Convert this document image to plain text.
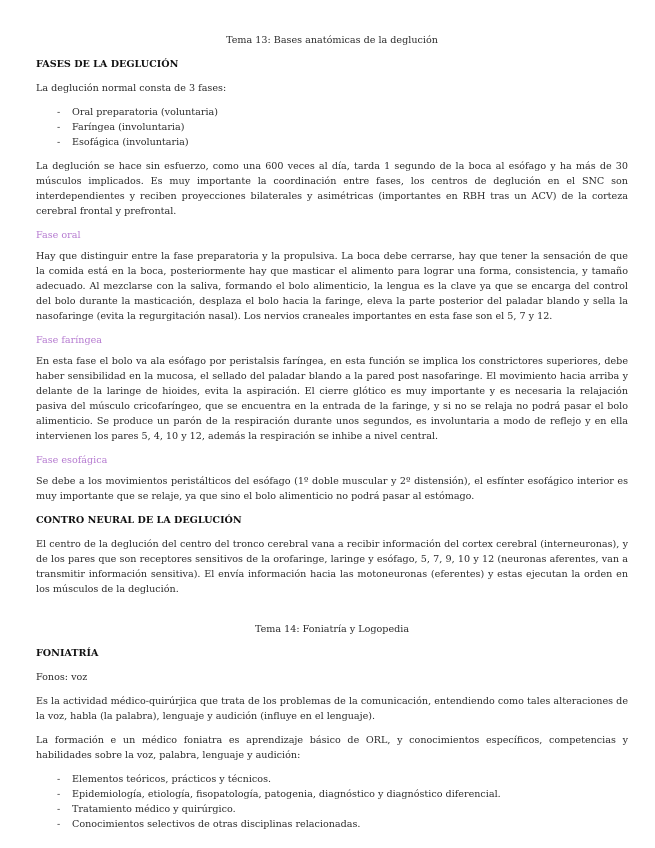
Tema 13: Bases anatómicas de la deglución
FASES DE LA DEGLUCIÓN

La deglución normal consta de 3 fases:

- Oral preparatoria (voluntaria)
- Faríngea (involuntaria)
- Esofágica (involuntaria)

La deglución se hace sin esfuerzo, como una 600 veces al día, tarda 1 segundo de la boca al esófago y ha más de 30 músculos implicados. Es muy importante la coordinación entre fases, los centros de deglución en el SNC son interdependientes y reciben proyecciones bilaterales y asimétricas (importantes en RBH tras un ACV) de la corteza cerebral frontal y prefrontal.

Fase oral

Hay que distinguir entre la fase preparatoria y la propulsiva. La boca debe cerrarse, hay que tener la sensación de que la comida está en la boca, posteriormente hay que masticar el alimento para lograr una forma, consistencia, y tamaño adecuado. Al mezclarse con la saliva, formando el bolo alimenticio, la lengua es la clave ya que se encarga del control del bolo durante la masticación, desplaza el bolo hacia la faringe, eleva la parte posterior del paladar blando y sella la nasofaringe (evita la regurgitación nasal). Los nervios craneales importantes en esta fase son el 5, 7 y 12.

Fase faríngea

En esta fase el bolo va ala esófago por peristalsis faríngea, en esta función se implica los constrictores superiores, debe haber sensibilidad en la mucosa, el sellado del paladar blando a la pared post nasofaringe. El movimiento hacia arriba y delante de la laringe de hioides, evita la aspiración. El cierre glótico es muy importante y es necesaria la relajación pasiva del músculo cricofaríngeo, que se encuentra en la entrada de la faringe, y si no se relaja no podrá pasar el bolo alimenticio. Se produce un parón de la respiración durante unos segundos, es involuntaria a modo de reflejo y en ella intervienen los pares 5, 4, 10 y 12, además la respiración se inhibe a nivel central.

Fase esofágica

Se debe a los movimientos peristálticos del esófago (1º doble muscular y 2º distensión), el esfínter esofágico interior es muy importante que se relaje, ya que sino el bolo alimenticio no podrá pasar al estómago.

CONTRO NEURAL DE LA DEGLUCIÓN

El centro de la deglución del centro del tronco cerebral vana a recibir información del cortex cerebral (interneuronas), y de los pares que son receptores sensitivos de la orofaringe, laringe y esófago, 5, 7, 9, 10 y 12 (neuronas aferentes, van a transmitir información sensitiva). El envía información hacia las motoneuronas (eferentes) y estas ejecutan la orden en los músculos de la deglución.

Tema 14: Foniatría y Logopedia
FONIATRÍA

Fonos: voz

Es la actividad médico-quirúrjica que trata de los problemas de la comunicación, entendiendo como tales alteraciones de la voz, habla (la palabra), lenguaje y audición (influye en el lenguaje).

La formación e un médico foniatra es aprendizaje básico de ORL, y conocimientos específicos, competencias y habilidades sobre la voz, palabra, lenguaje y audición:

- Elementos teóricos, prácticos y técnicos.
- Epidemiología, etiología, fisopatología, patogenia, diagnóstico y diagnóstico diferencial.
- Tratamiento médico y quirúrgico.
- Conocimientos selectivos de otras disciplinas relacionadas.
